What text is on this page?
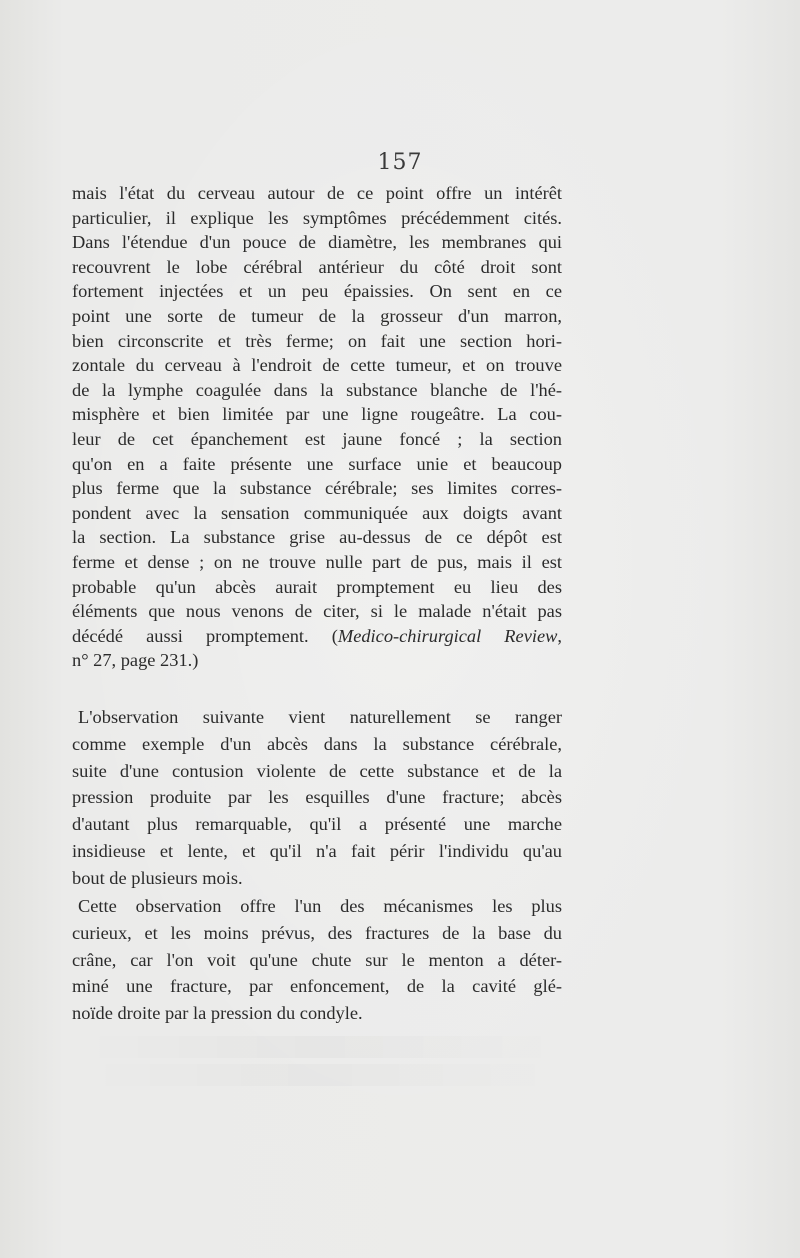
157
mais l'état du cerveau autour de ce point offre un intérêt
particulier, il explique les symptômes précédemment cités.
Dans l'étendue d'un pouce de diamètre, les membranes qui
recouvrent le lobe cérébral antérieur du côté droit sont
fortement injectées et un peu épaissies. On sent en ce
point une sorte de tumeur de la grosseur d'un marron,
bien circonscrite et très ferme; on fait une section hori-
zontale du cerveau à l'endroit de cette tumeur, et on trouve
de la lymphe coagulée dans la substance blanche de l'hé-
misphère et bien limitée par une ligne rougeâtre. La cou-
leur de cet épanchement est jaune foncé ; la section
qu'on en a faite présente une surface unie et beaucoup
plus ferme que la substance cérébrale; ses limites corres-
pondent avec la sensation communiquée aux doigts avant
la section. La substance grise au-dessus de ce dépôt est
ferme et dense ; on ne trouve nulle part de pus, mais il est
probable qu'un abcès aurait promptement eu lieu des
éléments que nous venons de citer, si le malade n'était pas
décédé aussi promptement. (Medico-chirurgical Review,
n° 27, page 231.)
L'observation suivante vient naturellement se ranger
comme exemple d'un abcès dans la substance cérébrale,
suite d'une contusion violente de cette substance et de la
pression produite par les esquilles d'une fracture; abcès
d'autant plus remarquable, qu'il a présenté une marche
insidieuse et lente, et qu'il n'a fait périr l'individu qu'au
bout de plusieurs mois.
Cette observation offre l'un des mécanismes les plus
curieux, et les moins prévus, des fractures de la base du
crâne, car l'on voit qu'une chute sur le menton a déter-
miné une fracture, par enfoncement, de la cavité glé-
noïde droite par la pression du condyle.
